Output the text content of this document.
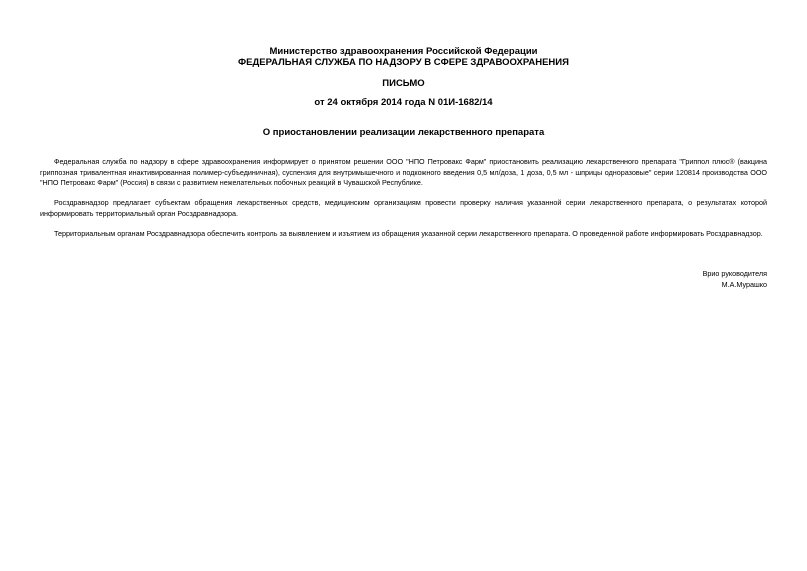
Министерство здравоохранения Российской Федерации
ФЕДЕРАЛЬНАЯ СЛУЖБА ПО НАДЗОРУ В СФЕРЕ ЗДРАВООХРАНЕНИЯ
ПИСЬМО
от 24 октября 2014 года N 01И-1682/14
О приостановлении реализации лекарственного препарата

Федеральная служба по надзору в сфере здравоохранения информирует о принятом решении ООО "НПО Петровакс Фарм" приостановить реализацию лекарственного препарата "Гриппол плюс® (вакцина гриппозная тривалентная инактивированная полимер-субъединичная), суспензия для внутримышечного и подкожного введения 0,5 мл/доза, 1 доза, 0,5 мл - шприцы одноразовые" серии 120814 производства ООО "НПО Петровакс Фарм" (Россия) в связи с развитием нежелательных побочных реакций в Чувашской Республике.

Росздравнадзор предлагает субъектам обращения лекарственных средств, медицинским организациям провести проверку наличия указанной серии лекарственного препарата, о результатах которой информировать территориальный орган Росздравнадзора.

Территориальным органам Росздравнадзора обеспечить контроль за выявлением и изъятием из обращения указанной серии лекарственного препарата. О проведенной работе информировать Росздравнадзор.

Врио руководителя
М.А.Мурашко
